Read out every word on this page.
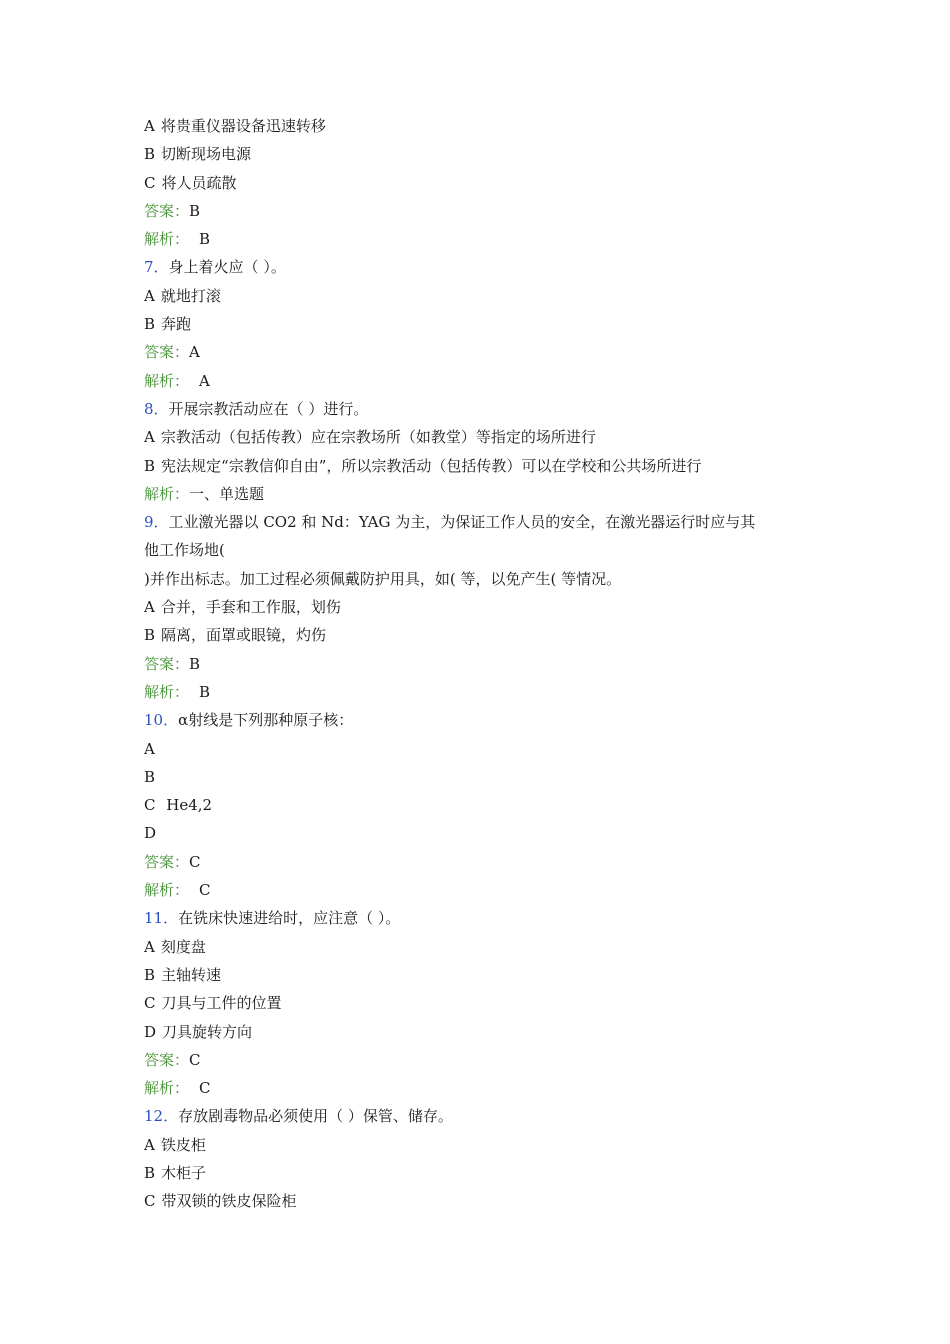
A 将贵重仪器设备迅速转移
B 切断现场电源
C 将人员疏散
答案：B
解析： B
7．身上着火应（ ）。
A 就地打滚
B 奔跑
答案：A
解析： A
8．开展宗教活动应在（ ）进行。
A 宗教活动（包括传教）应在宗教场所（如教堂）等指定的场所进行
B 宪法规定“宗教信仰自由”，所以宗教活动（包括传教）可以在学校和公共场所进行
解析：一、单选题
9．工业激光器以 CO2 和 Nd：YAG 为主，为保证工作人员的安全，在激光器运行时应与其
他工作场地(
)并作出标志。加工过程必须佩戴防护用具，如( 等，以免产生( 等情况。
A 合并，手套和工作服，划伤
B 隔离，面罩或眼镜，灼伤
答案：B
解析： B
10．α射线是下列那种原子核：
A
B
C He4,2
D
答案：C
解析： C
11．在铣床快速进给时，应注意（ ）。
A 刻度盘
B 主轴转速
C 刀具与工件的位置
D 刀具旋转方向
答案：C
解析： C
12．存放剧毒物品必须使用（ ）保管、储存。
A 铁皮柜
B 木柜子
C 带双锁的铁皮保险柜
